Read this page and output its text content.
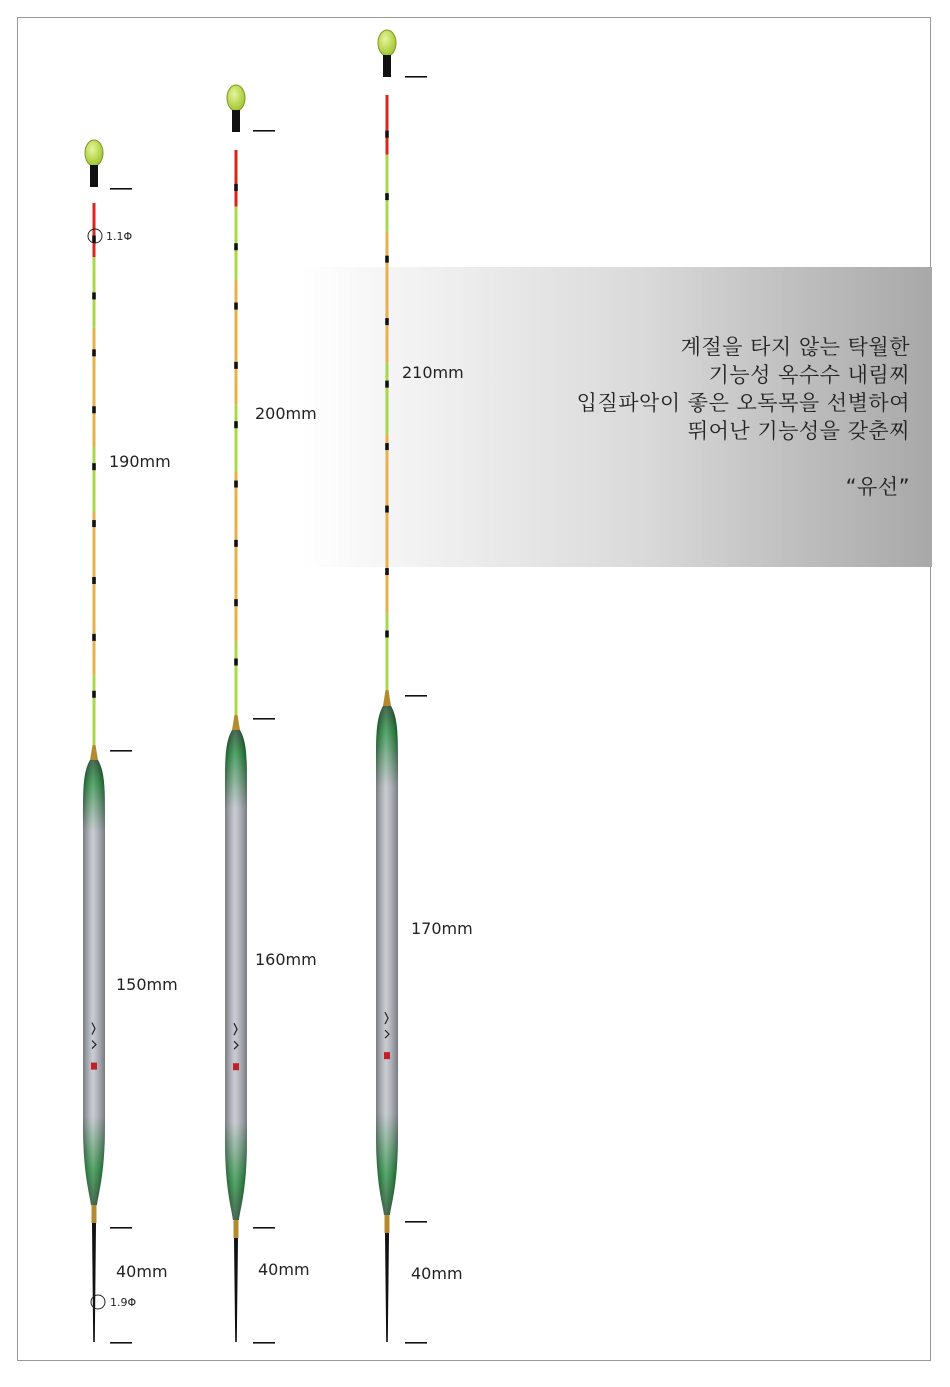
계절을 타지 않는 탁월한
기능성 옥수수 내림찌
입질파악이 좋은 오독목을 선별하여
뛰어난 기능성을 갖춘찌
“유선”
190mm
150mm
40mm
1.1Φ
1.9Φ
200mm
160mm
40mm
210mm
170mm
40mm
